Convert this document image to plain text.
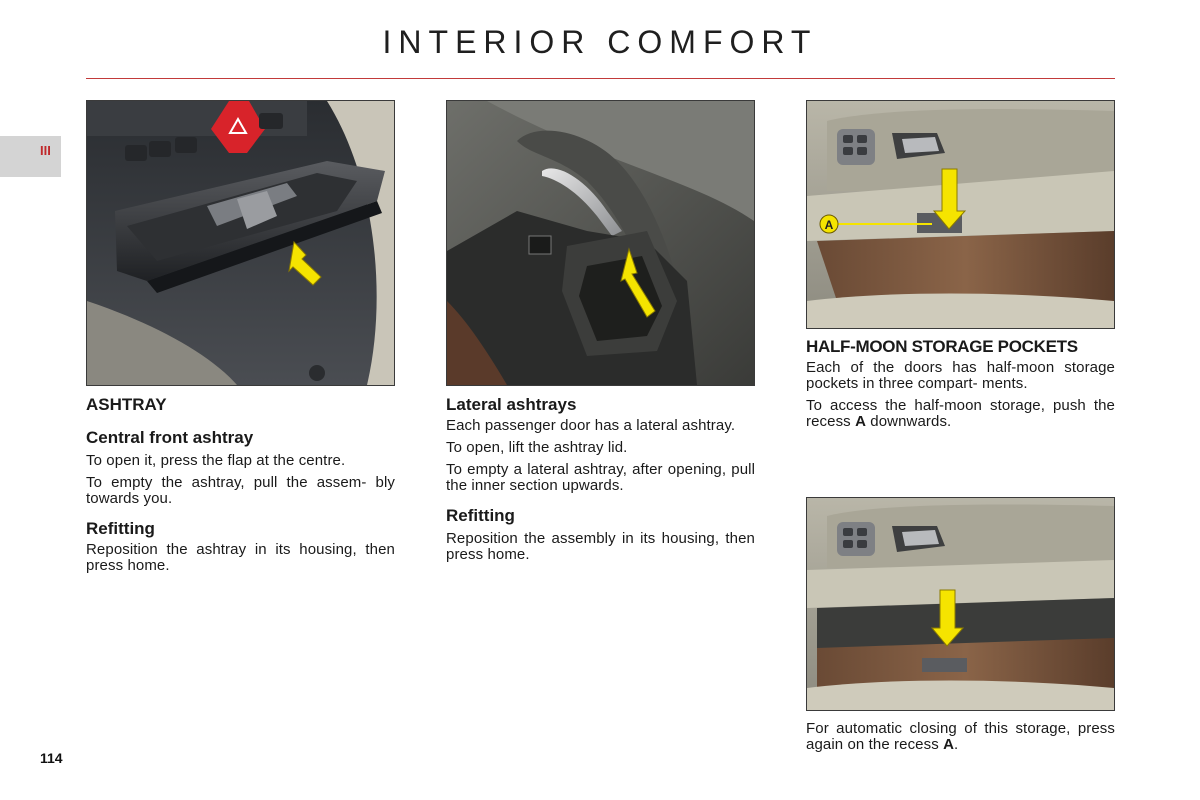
INTERIOR COMFORT
III
114
A
ASHTRAY
Central front ashtray
To open it, press the flap at the centre.
To empty the ashtray, pull the assem- bly towards you.
Refitting
Reposition the ashtray in its housing, then press home.
Lateral ashtrays
Each passenger door has a lateral ashtray.
To open, lift the ashtray lid.
To empty a lateral ashtray, after opening, pull the inner section upwards.
Refitting
Reposition the assembly in its housing, then press home.
HALF-MOON STORAGE POCKETS
Each of the doors has half-moon storage pockets in three compart- ments.
To access the half-moon storage, push the recess A downwards.
For automatic closing of this storage, press again on the recess A.
